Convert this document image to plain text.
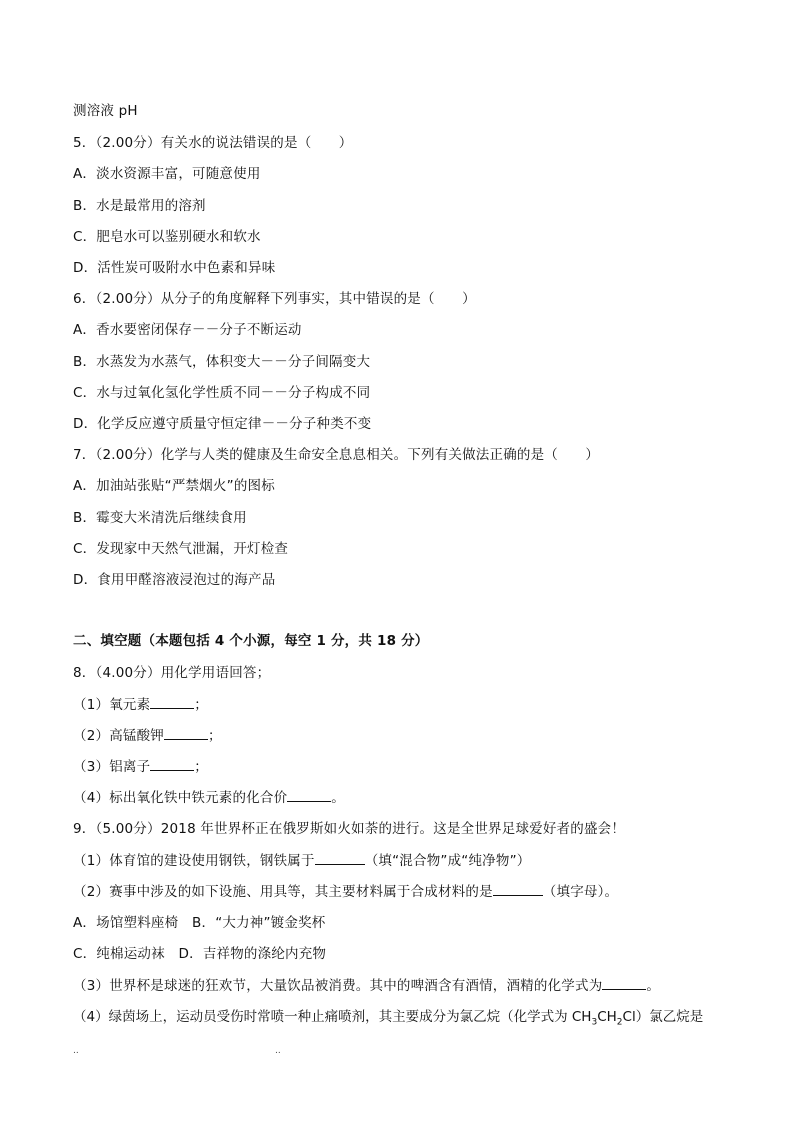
测溶液 pH
5．（2.00分）有关水的说法错误的是（　　）
A．淡水资源丰富，可随意使用
B．水是最常用的溶剂
C．肥皂水可以鉴别硬水和软水
D．活性炭可吸附水中色素和异味
6．（2.00分）从分子的角度解释下列事实，其中错误的是（　　）
A．香水要密闭保存－－分子不断运动
B．水蒸发为水蒸气，体积变大－－分子间隔变大
C．水与过氧化氢化学性质不同－－分子构成不同
D．化学反应遵守质量守恒定律－－分子种类不变
7．（2.00分）化学与人类的健康及生命安全息息相关。下列有关做法正确的是（　　）
A．加油站张贴“严禁烟火”的图标
B．霉变大米清洗后继续食用
C．发现家中天然气泄漏，开灯检查
D．食用甲醛溶液浸泡过的海产品
二、填空题（本题包括 4 个小源，每空 1 分，共 18 分）
8．（4.00分）用化学用语回答；
（1）氧元素	；
（2）高锰酸钾	；
（3）铝离子	；
（4）标出氧化铁中铁元素的化合价	。
9．（5.00分）2018 年世界杯正在俄罗斯如火如荼的进行。这是全世界足球爱好者的盛会！
（1）体育馆的建设使用钢铁，钢铁属于	（填“混合物”成“纯净物”）
（2）赛事中涉及的如下设施、用具等，其主要材料属于合成材料的是	（填字母）。
A．场馆塑料座椅　B．“大力神”镀金奖杯
C．纯棉运动袜　D．吉祥物的涤纶内充物
（3）世界杯是球迷的狂欢节，大量饮品被消费。其中的啤酒含有酒情，酒精的化学式为	。
（4）绿茵场上，运动员受伤时常喷一种止痛喷剂，其主要成分为氯乙烷（化学式为 $CH_3CH_2Cl$）氯乙烷是
..	..
